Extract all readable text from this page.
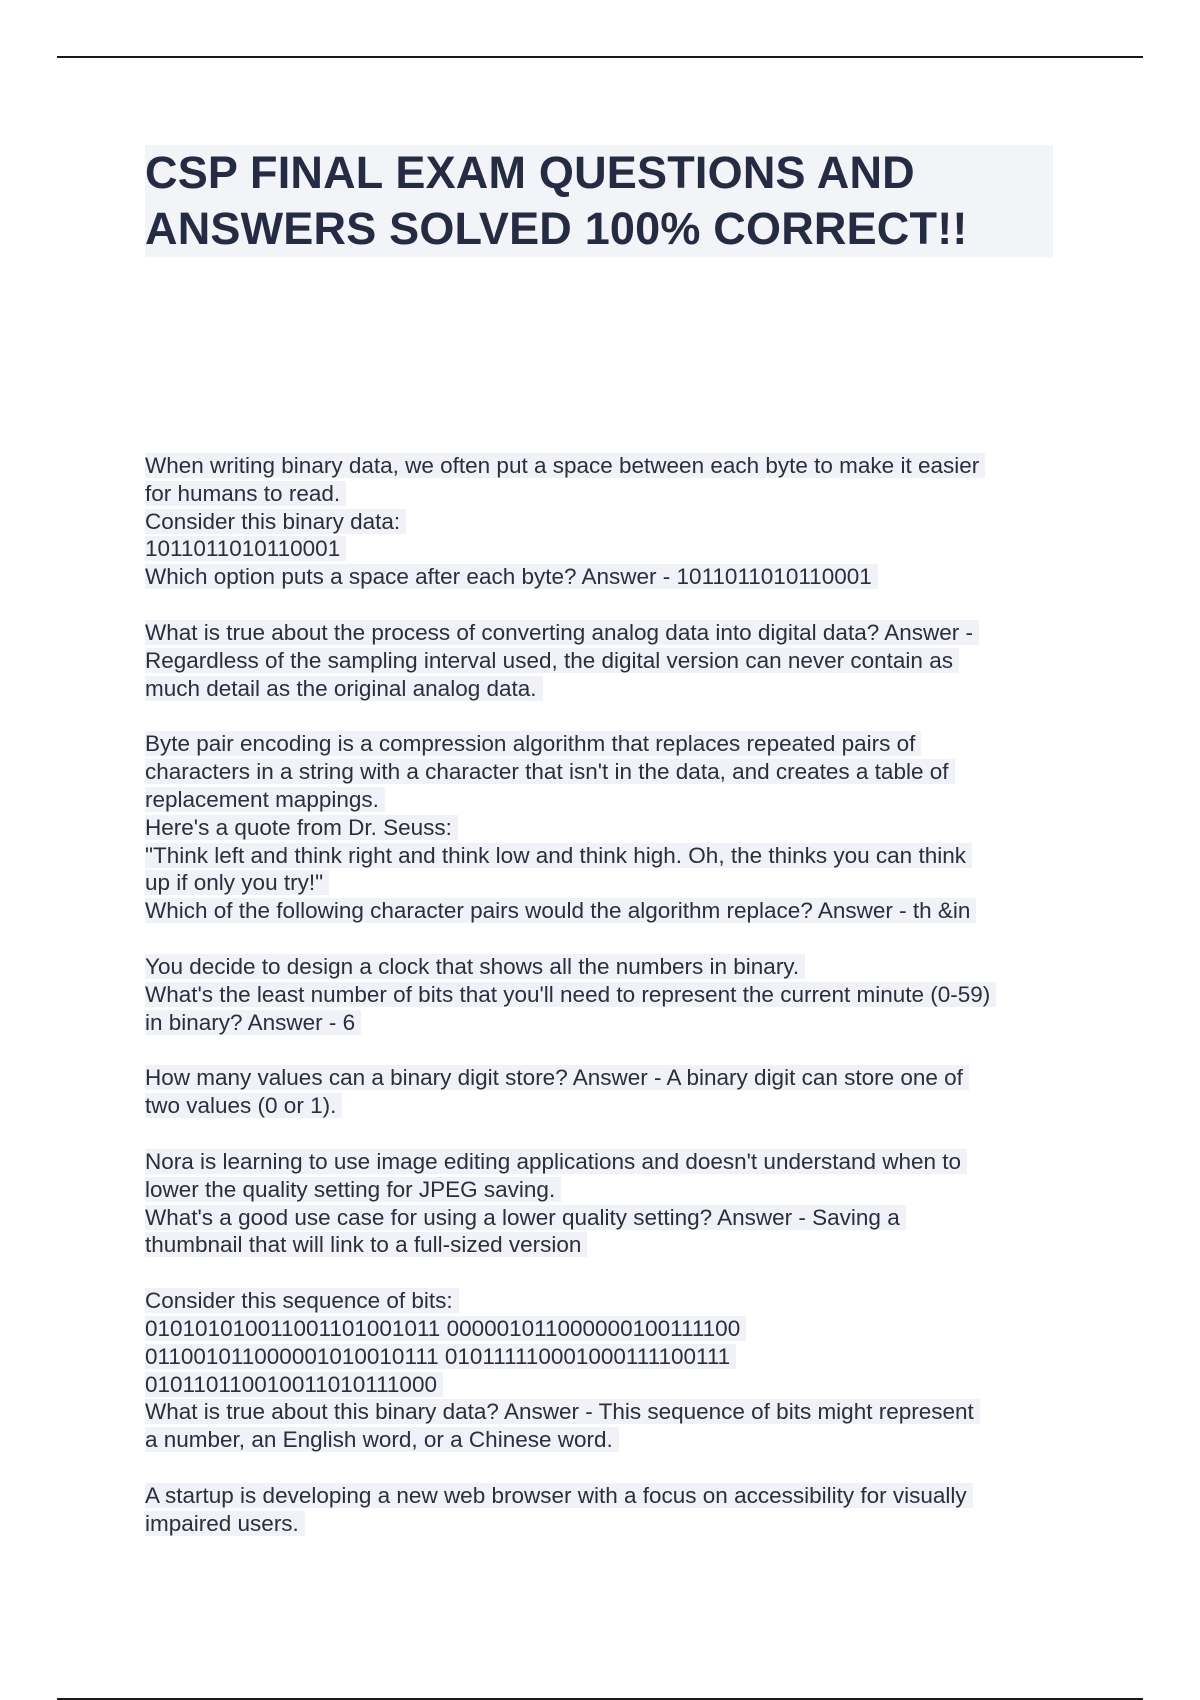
CSP FINAL EXAM QUESTIONS AND
ANSWERS SOLVED 100% CORRECT!!
When writing binary data, we often put a space between each byte to make it easier
for humans to read.
Consider this binary data:
1011011010110001
Which option puts a space after each byte? Answer - 1011011010110001
What is true about the process of converting analog data into digital data? Answer -
Regardless of the sampling interval used, the digital version can never contain as
much detail as the original analog data.
Byte pair encoding is a compression algorithm that replaces repeated pairs of
characters in a string with a character that isn't in the data, and creates a table of
replacement mappings.
Here's a quote from Dr. Seuss:
"Think left and think right and think low and think high. Oh, the thinks you can think
up if only you try!"
Which of the following character pairs would the algorithm replace? Answer - th &in
You decide to design a clock that shows all the numbers in binary.
What's the least number of bits that you'll need to represent the current minute (0-59)
in binary? Answer - 6
How many values can a binary digit store? Answer - A binary digit can store one of
two values (0 or 1).
Nora is learning to use image editing applications and doesn't understand when to
lower the quality setting for JPEG saving.
What's a good use case for using a lower quality setting? Answer - Saving a
thumbnail that will link to a full-sized version
Consider this sequence of bits:
010101010011001101001011 000001011000000100111100
011001011000001010010111 010111110001000111100111
010110110010011010111000
What is true about this binary data? Answer - This sequence of bits might represent
a number, an English word, or a Chinese word.
A startup is developing a new web browser with a focus on accessibility for visually
impaired users.
